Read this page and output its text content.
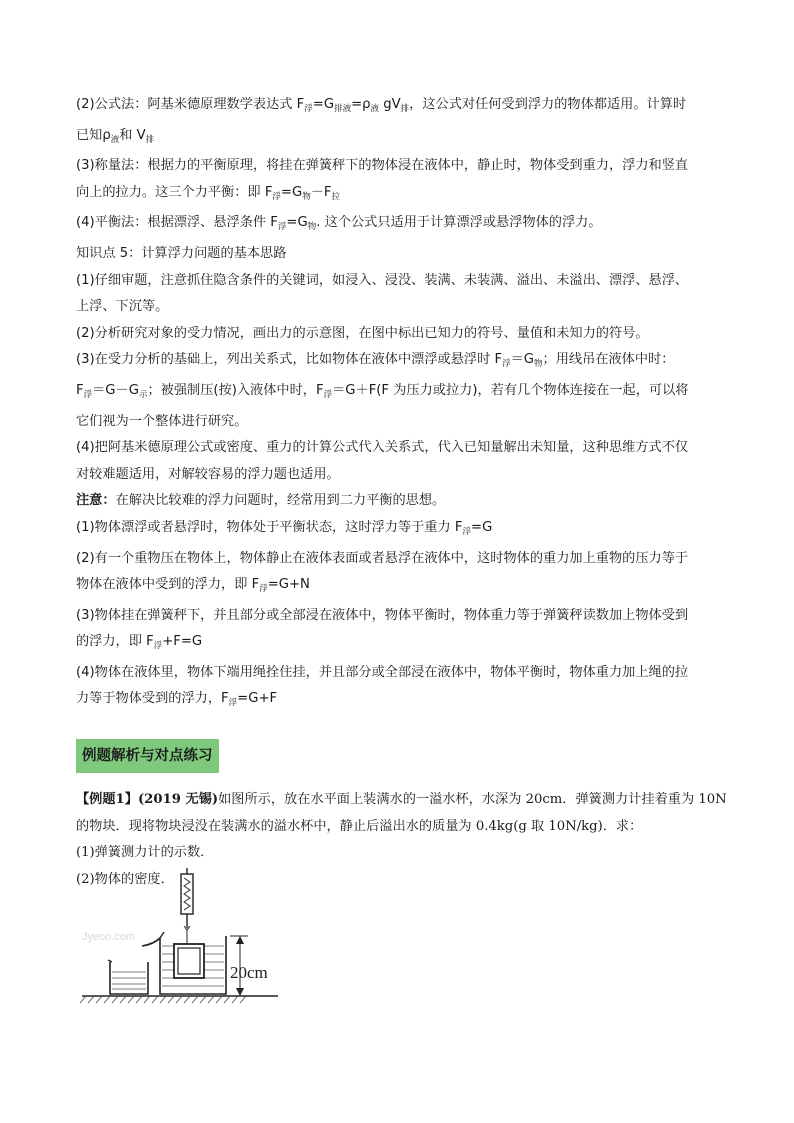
(2)公式法：阿基米德原理数学表达式 $F_浮=G_{排液}=\rho_液$ $gV_排$，这公式对任何受到浮力的物体都适用。计算时
已知$\rho_液$和 $V_排$
(3)称量法：根据力的平衡原理，将挂在弹簧秤下的物体浸在液体中，静止时，物体受到重力，浮力和竖直
向上的拉力。这三个力平衡：即 $F_浮=G_物-F_拉$
(4)平衡法：根据漂浮、悬浮条件 $F_浮=G_物$. 这个公式只适用于计算漂浮或悬浮物体的浮力。
知识点 5：计算浮力问题的基本思路
(1)仔细审题，注意抓住隐含条件的关键词，如浸入、浸没、装满、未装满、溢出、未溢出、漂浮、悬浮、
上浮、下沉等。
(2)分析研究对象的受力情况，画出力的示意图，在图中标出已知力的符号、量值和未知力的符号。
(3)在受力分析的基础上，列出关系式，比如物体在液体中漂浮或悬浮时 $F_浮=G_物$；用线吊在液体中时：
$F_浮=G-G_示$；被强制压(按)入液体中时，$F_浮=G+F(F$ 为压力或拉力)，若有几个物体连接在一起，可以将
它们视为一个整体进行研究。
(4)把阿基米德原理公式或密度、重力的计算公式代入关系式，代入已知量解出未知量，这种思维方式不仅
对较难题适用，对解较容易的浮力题也适用。
注意：在解决比较难的浮力问题时，经常用到二力平衡的思想。
(1)物体漂浮或者悬浮时，物体处于平衡状态，这时浮力等于重力 $F_浮=G$
(2)有一个重物压在物体上，物体静止在液体表面或者悬浮在液体中，这时物体的重力加上重物的压力等于
物体在液体中受到的浮力，即 $F_浮=G+N$
(3)物体挂在弹簧秤下，并且部分或全部浸在液体中，物体平衡时，物体重力等于弹簧秤读数加上物体受到
的浮力，即 $F_浮+F=G$
(4)物体在液体里，物体下端用绳拴住挂，并且部分或全部浸在液体中，物体平衡时，物体重力加上绳的拉
力等于物体受到的浮力，$F_浮=G+F$
例题解析与对点练习
【例题1】(2019 无锡)如图所示，放在水平面上装满水的一溢水杯，水深为 20cm．弹簧测力计挂着重为 10N
的物块．现将物块浸没在装满水的溢水杯中，静止后溢出水的质量为 0.4kg(g 取 10N/kg)．求：
(1)弹簧测力计的示数．
(2)物体的密度．
Jyeoo.com
20cm
